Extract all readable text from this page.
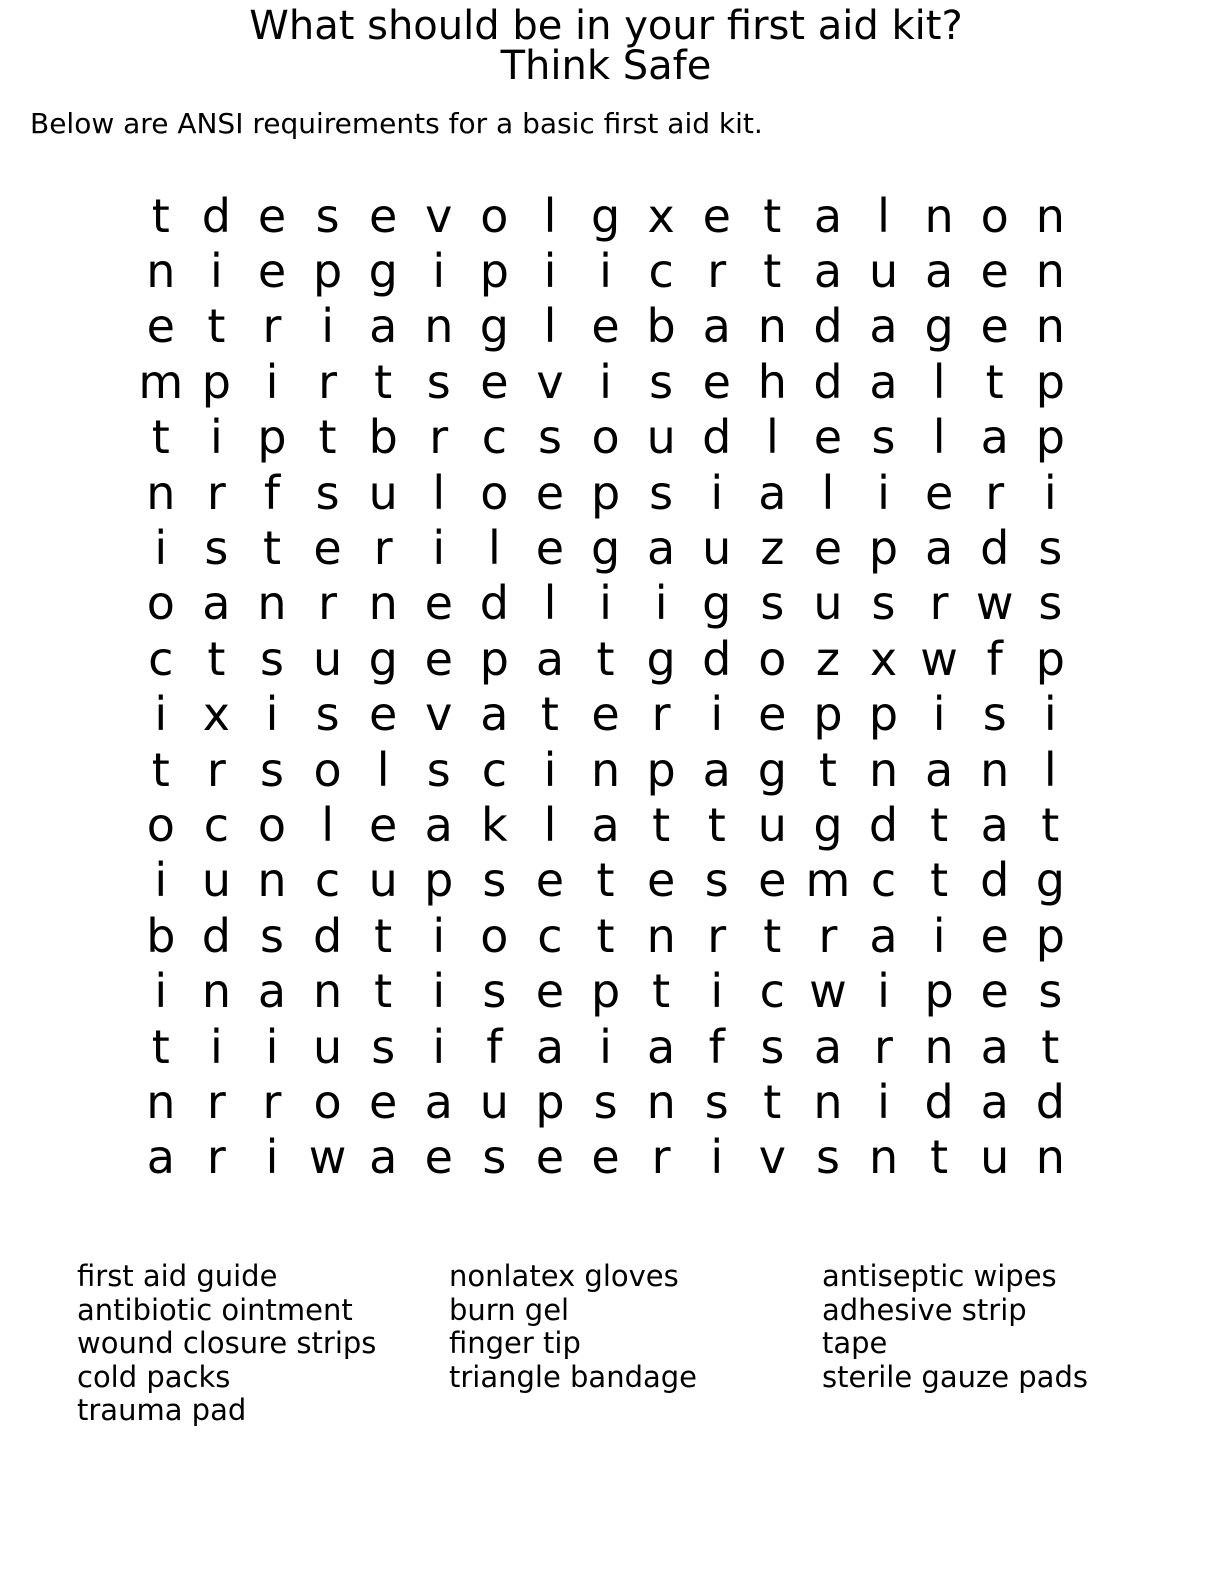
What should be in your first aid kit?
Think Safe

Below are ANSI requirements for a basic first aid kit.

t d e s e v o l g x e t a l n o n
n i e p g i p i i c r t a u a e n
e t r i a n g l e b a n d a g e n
m p i r t s e v i s e h d a l t p
t i p t b r c s o u d l e s l a p
n r f s u l o e p s i a l i e r i
i s t e r i l e g a u z e p a d s
o a n r n e d l i i g s u s r w s
c t s u g e p a t g d o z x w f p
i x i s e v a t e r i e p p i s i
t r s o l s c i n p a g t n a n l
o c o l e a k l a t t u g d t a t
i u n c u p s e t e s e m c t d g
b d s d t i o c t n r t r a i e p
i n a n t i s e p t i c w i p e s
t i i u s i f a i a f s a r n a t
n r r o e a u p s n s t n i d a d
a r i w a e s e e r i v s n t u n
first aid guide
antibiotic ointment
wound closure strips
cold packs
trauma pad
nonlatex gloves
burn gel
finger tip
triangle bandage
antiseptic wipes
adhesive strip
tape
sterile gauze pads
